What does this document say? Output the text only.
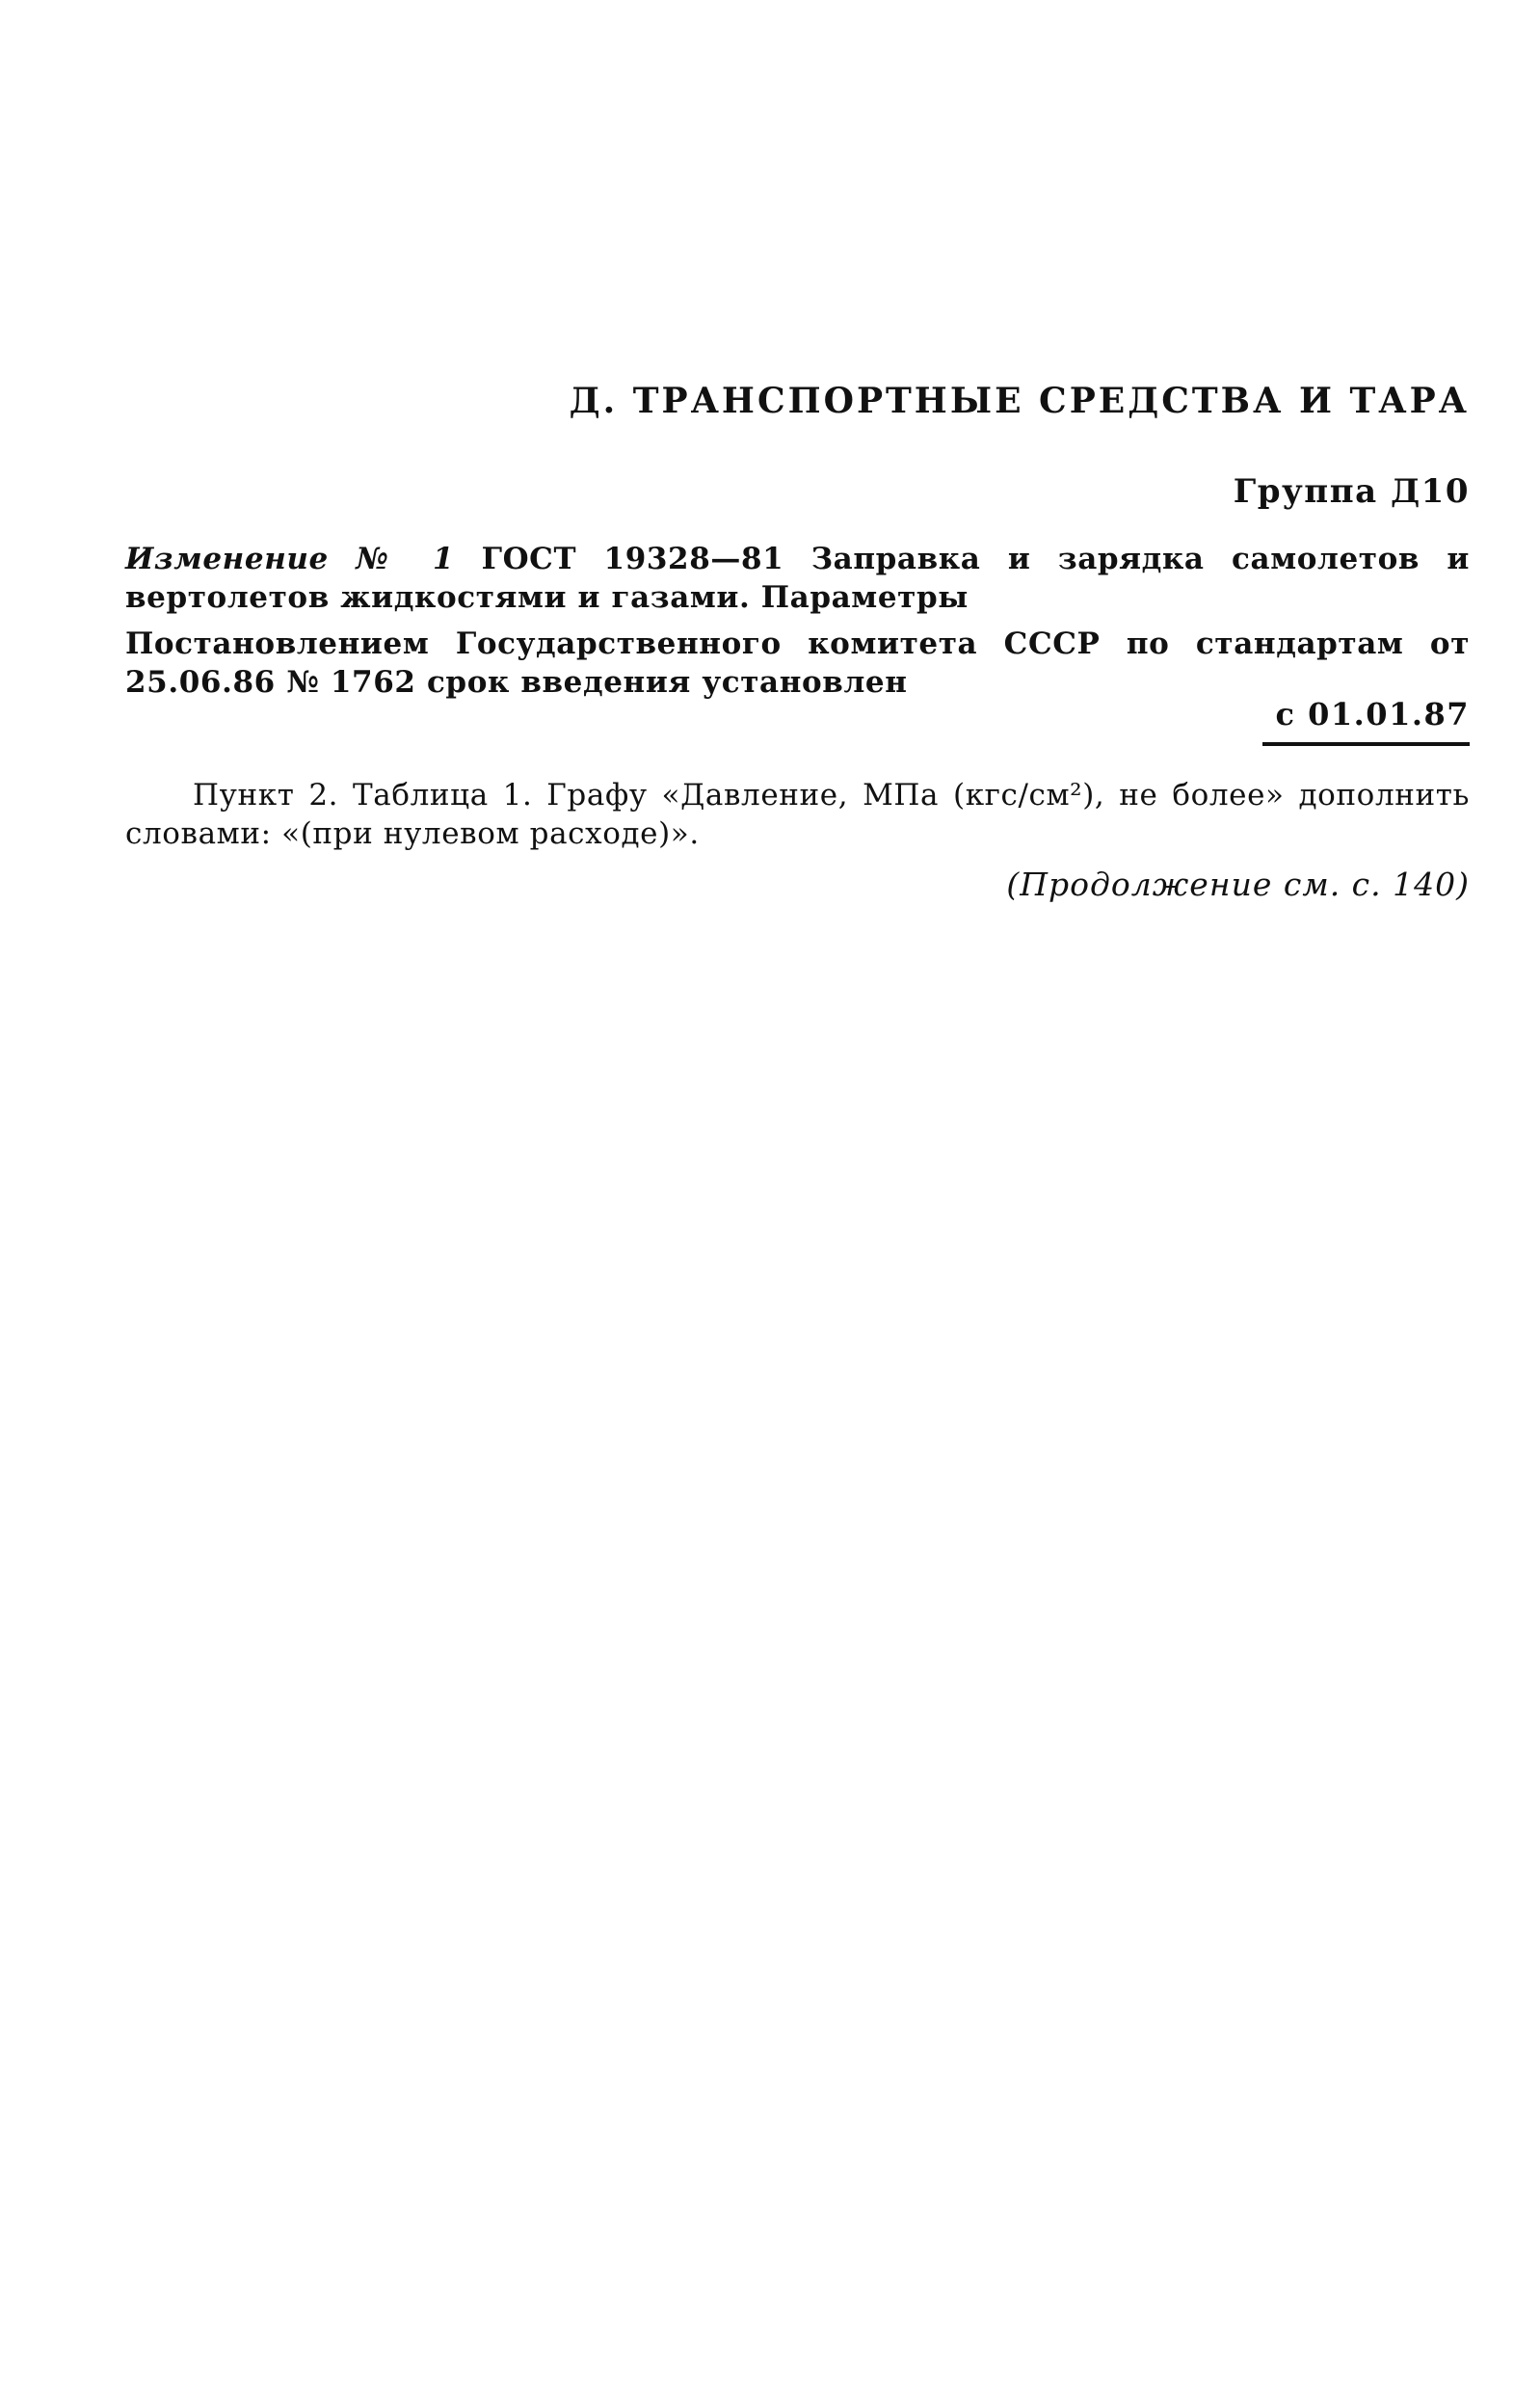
Д. ТРАНСПОРТНЫЕ СРЕДСТВА И ТАРА
Группа Д10
Изменение № 1 ГОСТ 19328—81 Заправка и зарядка самолетов и вертолетов жидкостями и газами. Параметры
Постановлением Государственного комитета СССР по стандартам от 25.06.86 № 1762 срок введения установлен
с 01.01.87
Пункт 2. Таблица 1. Графу «Давление, МПа (кгс/см²), не более» дополнить словами: «(при нулевом расходе)».
(Продолжение см. с. 140)
